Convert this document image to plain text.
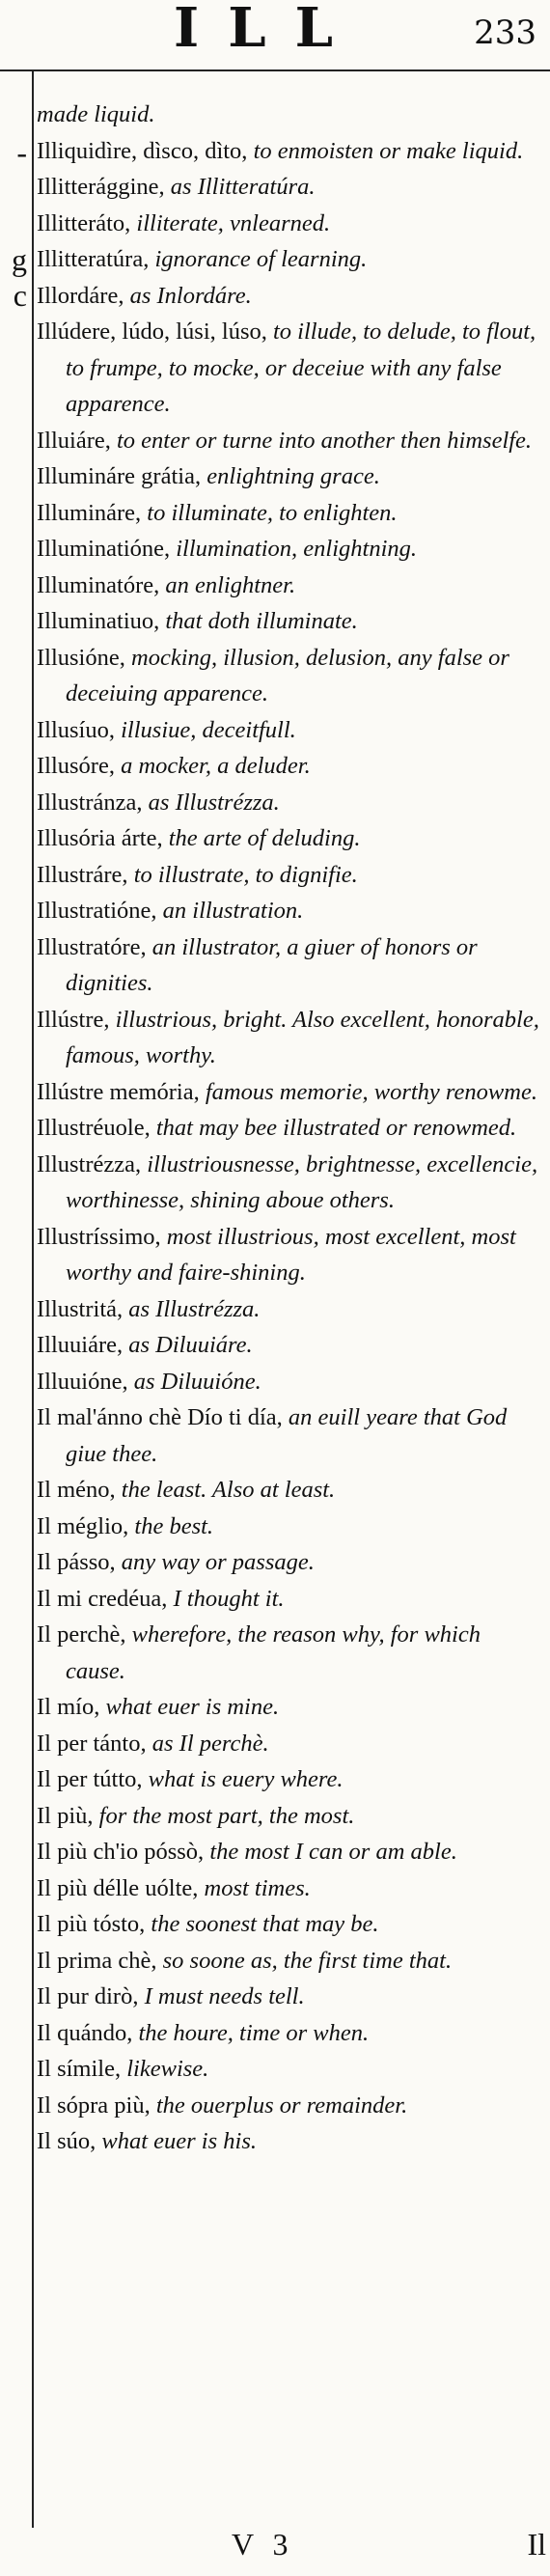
ILL	233
-
g
c
made liquid.
Illiquidìre, dìsco, dìto, to enmoisten or make liquid.
Illitterággine, as Illitteratúra.
Illitteráto, illiterate, vnlearned.
Illitteratúra, ignorance of learning.
Illordáre, as Inlordáre.
Illúdere, lúdo, lúsi, lúso, to illude, to delude, to flout, to frumpe, to mocke, or deceiue with any false apparence.
Illuiáre, to enter or turne into another then himselfe.
Illumináre grátia, enlightning grace.
Illumináre, to illuminate, to enlighten.
Illuminatióne, illumination, enlightning.
Illuminatóre, an enlightner.
Illuminatiuo, that doth illuminate.
Illusióne, mocking, illusion, delusion, any false or deceiuing apparence.
Illusíuo, illusiue, deceitfull.
Illusóre, a mocker, a deluder.
Illustránza, as Illustrézza.
Illusória árte, the arte of deluding.
Illustráre, to illustrate, to dignifie.
Illustratióne, an illustration.
Illustratóre, an illustrator, a giuer of honors or dignities.
Illústre, illustrious, bright. Also excellent, honorable, famous, worthy.
Illústre memória, famous memorie, worthy renowme.
Illustréuole, that may bee illustrated or renowmed.
Illustrézza, illustriousnesse, brightnesse, excellencie, worthinesse, shining aboue others.
Illustríssimo, most illustrious, most excellent, most worthy and faire-shining.
Illustritá, as Illustrézza.
Illuuiáre, as Diluuiáre.
Illuuióne, as Diluuióne.
Il mal'ánno chè Dío ti día, an euill yeare that God giue thee.
Il méno, the least. Also at least.
Il méglio, the best.
Il pásso, any way or passage.
Il mi credéua, I thought it.
Il perchè, wherefore, the reason why, for which cause.
Il mío, what euer is mine.
Il per tánto, as Il perchè.
Il per tútto, what is euery where.
Il più, for the most part, the most.
Il più ch'io póssò, the most I can or am able.
Il più délle uólte, most times.
Il più tósto, the soonest that may be.
Il prima chè, so soone as, the first time that.
Il pur dirò, I must needs tell.
Il quándo, the houre, time or when.
Il símile, likewise.
Il sópra più, the ouerplus or remainder.
Il súo, what euer is his.
V 3	Il
